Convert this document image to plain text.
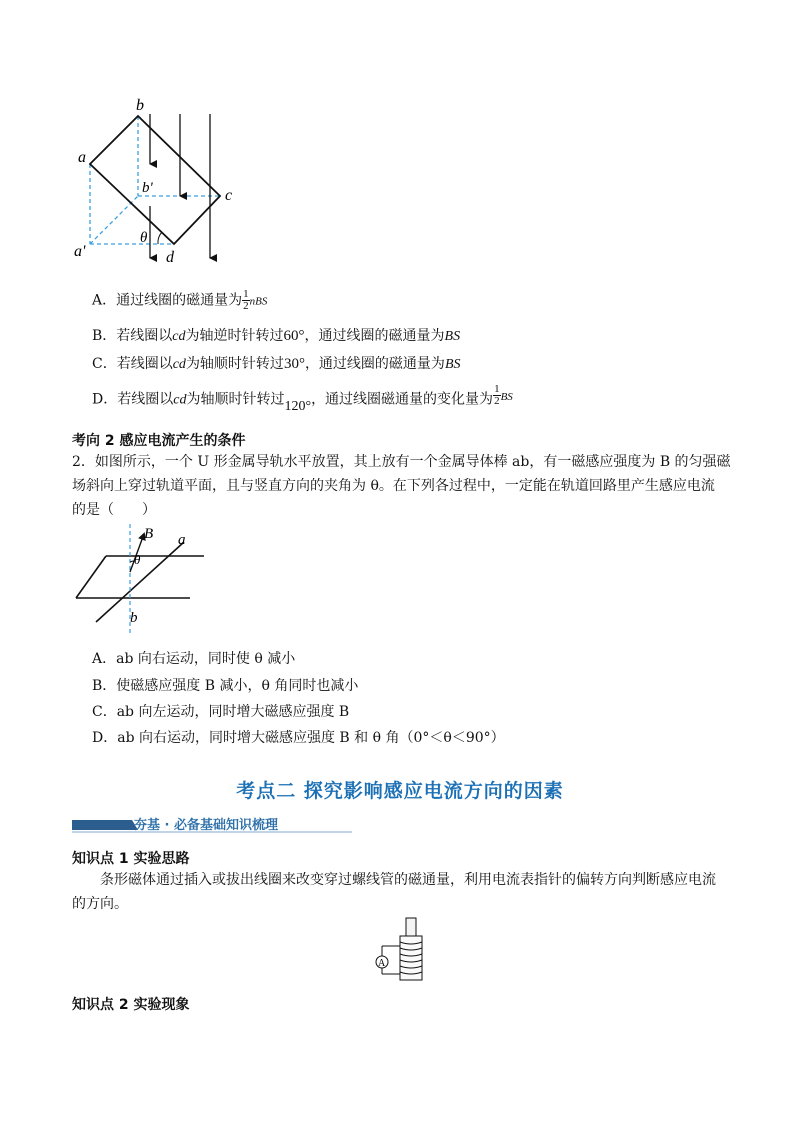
b
a
b'	c
θ
a'	d
A．通过线圈的磁通量为 $\frac{1}{2}$ nBS
B．若线圈以cd为轴逆时针转过60°，通过线圈的磁通量为BS
C．若线圈以cd为轴顺时针转过30°，通过线圈的磁通量为BS
D．若线圈以cd为轴顺时针转过120°，通过线圈磁通量的变化量为 $\frac{1}{2} ^{BS}$
考向 2 感应电流产生的条件
2．如图所示，一个 U 形金属导轨水平放置，其上放有一个金属导体棒 ab，有一磁感应强度为 B 的匀强磁
场斜向上穿过轨道平面，且与竖直方向的夹角为 θ。在下列各过程中，一定能在轨道回路里产生感应电流
的是（　　）
B a
θ
b
A．ab 向右运动，同时使 θ 减小
B．使磁感应强度 B 减小，θ 角同时也减小
C．ab 向左运动，同时增大磁感应强度 B
D．ab 向右运动，同时增大磁感应强度 B 和 θ 角（0°＜θ＜90°）
考点二 探究影响感应电流方向的因素
夯基 · 必备基础知识梳理
知识点 1 实验思路
条形磁体通过插入或拔出线圈来改变穿过螺线管的磁通量，利用电流表指针的偏转方向判断感应电流
的方向。
A
知识点 2 实验现象
